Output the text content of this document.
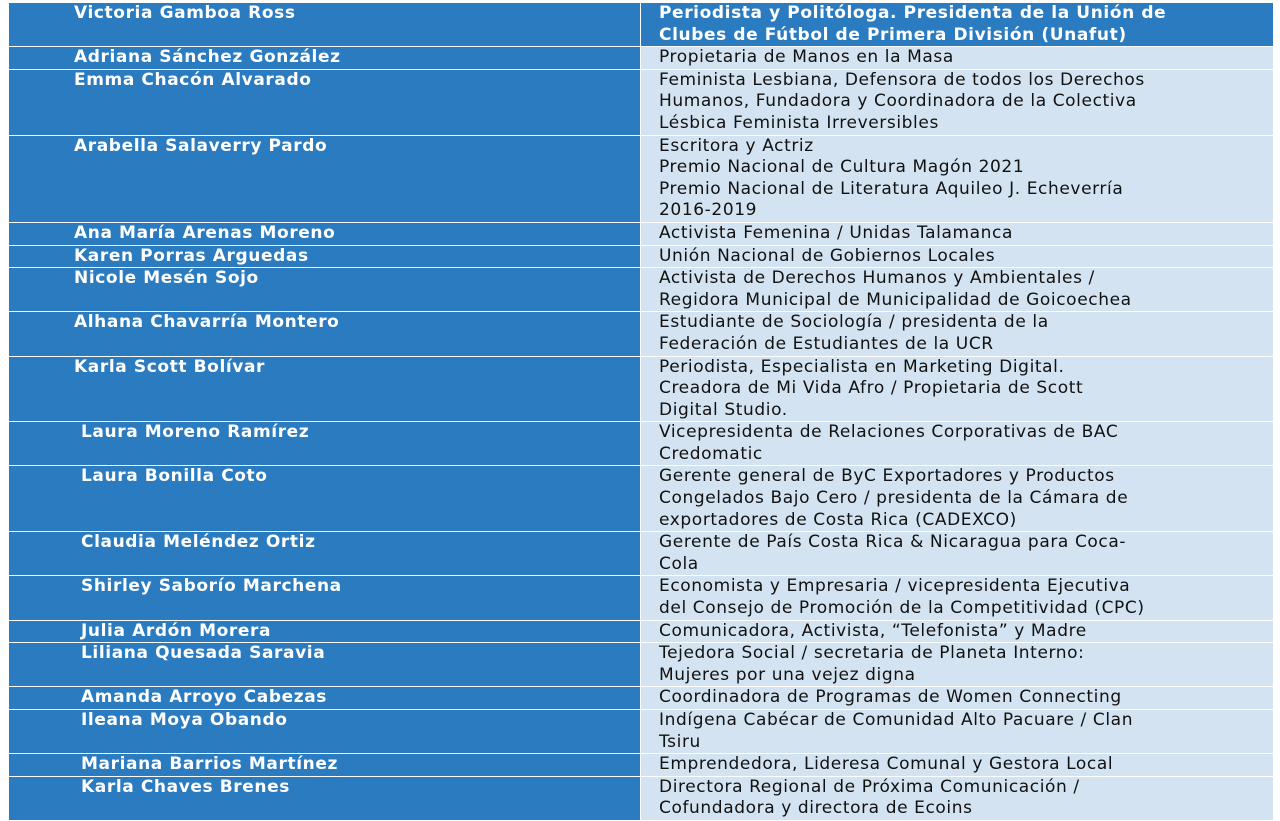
Victoria Gamboa Ross	Periodista y Politóloga. Presidenta de la Unión de
Clubes de Fútbol de Primera División (Unafut)

Adriana Sánchez González	Propietaria de Manos en la Masa

Emma Chacón Alvarado	Feminista Lesbiana, Defensora de todos los Derechos
Humanos, Fundadora y Coordinadora de la Colectiva
Lésbica Feminista Irreversibles

Arabella Salaverry Pardo	Escritora y Actriz
Premio Nacional de Cultura Magón 2021
Premio Nacional de Literatura Aquileo J. Echeverría
2016-2019

Ana María Arenas Moreno	Activista Femenina / Unidas Talamanca

Karen Porras Arguedas	Unión Nacional de Gobiernos Locales

Nicole Mesén Sojo	Activista de Derechos Humanos y Ambientales /
Regidora Municipal de Municipalidad de Goicoechea

Alhana Chavarría Montero	Estudiante de Sociología / presidenta de la
Federación de Estudiantes de la UCR

Karla Scott Bolívar	Periodista, Especialista en Marketing Digital.
Creadora de Mi Vida Afro / Propietaria de Scott
Digital Studio.

Laura Moreno Ramírez	Vicepresidenta de Relaciones Corporativas de BAC
Credomatic

Laura Bonilla Coto	Gerente general de ByC Exportadores y Productos
Congelados Bajo Cero / presidenta de la Cámara de
exportadores de Costa Rica (CADEXCO)

Claudia Meléndez Ortiz	Gerente de País Costa Rica & Nicaragua para Coca-
Cola

Shirley Saborío Marchena	Economista y Empresaria / vicepresidenta Ejecutiva
del Consejo de Promoción de la Competitividad (CPC)

Julia Ardón Morera	Comunicadora, Activista, “Telefonista” y Madre

Liliana Quesada Saravia	Tejedora Social / secretaria de Planeta Interno:
Mujeres por una vejez digna

Amanda Arroyo Cabezas	Coordinadora de Programas de Women Connecting

Ileana Moya Obando	Indígena Cabécar de Comunidad Alto Pacuare / Clan
Tsiru

Mariana Barrios Martínez	Emprendedora, Lideresa Comunal y Gestora Local

Karla Chaves Brenes	Directora Regional de Próxima Comunicación /
Cofundadora y directora de Ecoins
